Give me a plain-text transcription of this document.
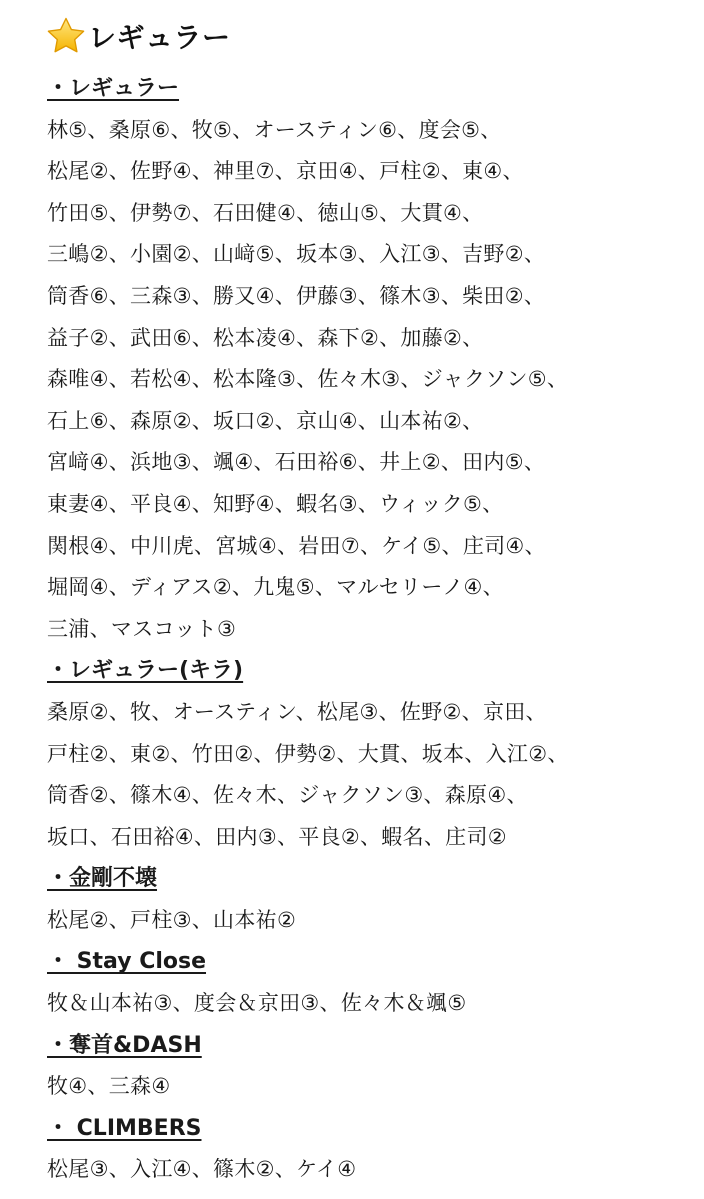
レギュラー
・レギュラー
林⑤、桑原⑥、牧⑤、オースティン⑥、度会⑤、
松尾②、佐野④、神里⑦、京田④、戸柱②、東④、
竹田⑤、伊勢⑦、石田健④、徳山⑤、大貫④、
三嶋②、小園②、山﨑⑤、坂本③、入江③、吉野②、
筒香⑥、三森③、勝又④、伊藤③、篠木③、柴田②、
益子②、武田⑥、松本凌④、森下②、加藤②、
森唯④、若松④、松本隆③、佐々木③、ジャクソン⑤、
石上⑥、森原②、坂口②、京山④、山本祐②、
宮﨑④、浜地③、颯④、石田裕⑥、井上②、田内⑤、
東妻④、平良④、知野④、蝦名③、ウィック⑤、
関根④、中川虎、宮城④、岩田⑦、ケイ⑤、庄司④、
堀岡④、ディアス②、九鬼⑤、マルセリーノ④、
三浦、マスコット③
・レギュラー(キラ)
桑原②、牧、オースティン、松尾③、佐野②、京田、
戸柱②、東②、竹田②、伊勢②、大貫、坂本、入江②、
筒香②、篠木④、佐々木、ジャクソン③、森原④、
坂口、石田裕④、田内③、平良②、蝦名、庄司②
・金剛不壊
松尾②、戸柱③、山本祐②
・ Stay Close
牧＆山本祐③、度会＆京田③、佐々木＆颯⑤
・奪首&DASH
牧④、三森④
・ CLIMBERS
松尾③、入江④、篠木②、ケイ④
